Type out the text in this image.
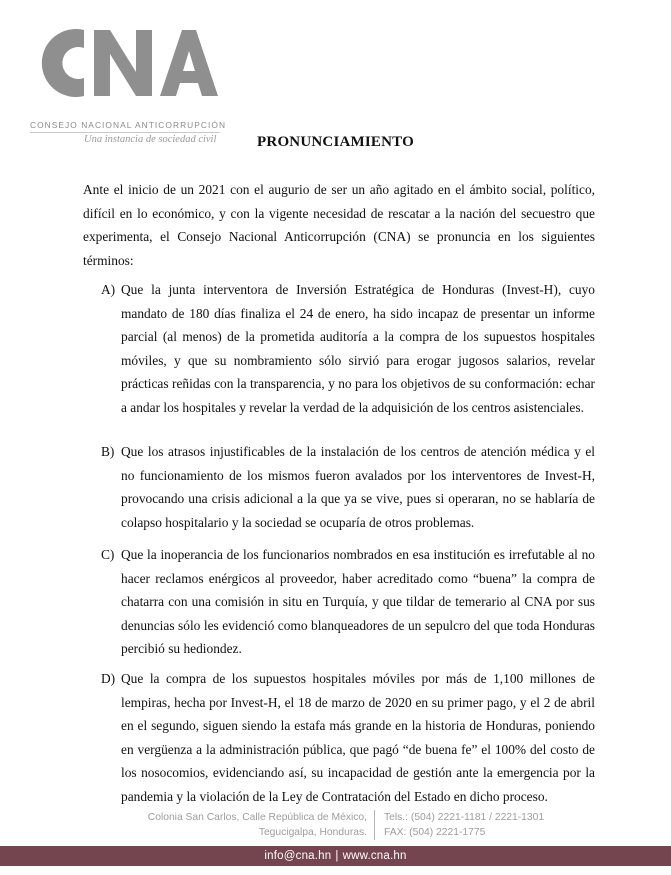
CNA
CONSEJO NACIONAL ANTICORRUPCIÓN
Una instancia de sociedad civil	PRONUNCIAMIENTO

Ante el inicio de un 2021 con el augurio de ser un año agitado en el ámbito social, político, difícil en lo económico, y con la vigente necesidad de rescatar a la nación del secuestro que experimenta, el Consejo Nacional Anticorrupción (CNA) se pronuncia en los siguientes términos:

A) Que la junta interventora de Inversión Estratégica de Honduras (Invest-H), cuyo mandato de 180 días finaliza el 24 de enero, ha sido incapaz de presentar un informe parcial (al menos) de la prometida auditoría a la compra de los supuestos hospitales móviles, y que su nombramiento sólo sirvió para erogar jugosos salarios, revelar prácticas reñidas con la transparencia, y no para los objetivos de su conformación: echar a andar los hospitales y revelar la verdad de la adquisición de los centros asistenciales.

B) Que los atrasos injustificables de la instalación de los centros de atención médica y el no funcionamiento de los mismos fueron avalados por los interventores de Invest-H, provocando una crisis adicional a la que ya se vive, pues si operaran, no se hablaría de colapso hospitalario y la sociedad se ocuparía de otros problemas.

C) Que la inoperancia de los funcionarios nombrados en esa institución es irrefutable al no hacer reclamos enérgicos al proveedor, haber acreditado como “buena” la compra de chatarra con una comisión in situ en Turquía, y que tildar de temerario al CNA por sus denuncias sólo les evidenció como blanqueadores de un sepulcro del que toda Honduras percibió su hediondez.

D) Que la compra de los supuestos hospitales móviles por más de 1,100 millones de lempiras, hecha por Invest-H, el 18 de marzo de 2020 en su primer pago, y el 2 de abril en el segundo, siguen siendo la estafa más grande en la historia de Honduras, poniendo en vergüenza a la administración pública, que pagó “de buena fe” el 100% del costo de los nosocomios, evidenciando así, su incapacidad de gestión ante la emergencia por la pandemia y la violación de la Ley de Contratación del Estado en dicho proceso.

Colonia San Carlos, Calle República de México,
Tegucigalpa, Honduras.
Tels.: (504) 2221-1181 / 2221-1301
FAX: (504) 2221-1775
info@cna.hn | www.cna.hn
